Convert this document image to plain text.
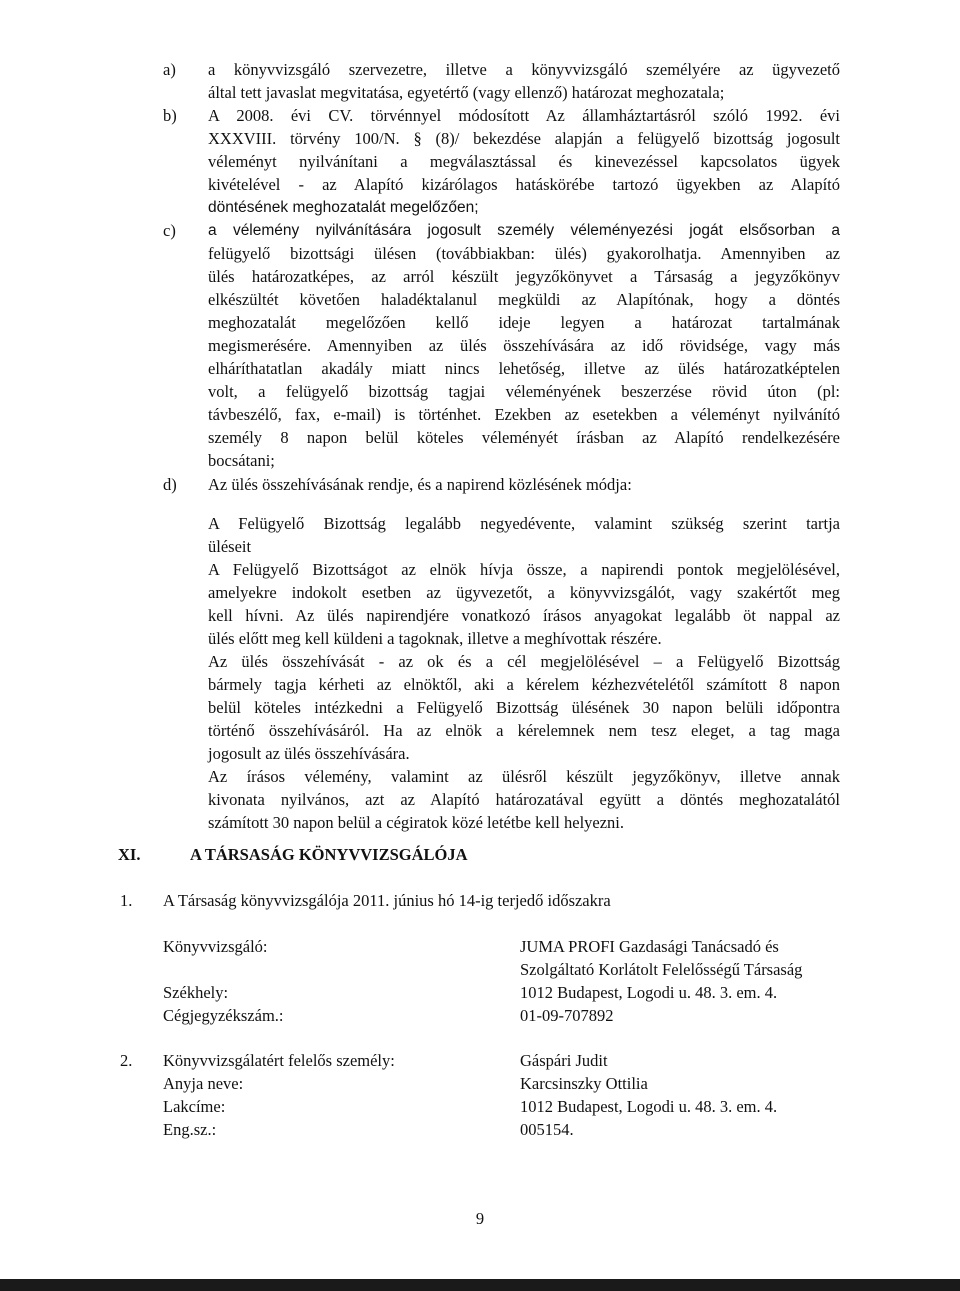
a) a könyvvizsgáló szervezetre, illetve a könyvvizsgáló személyére az ügyvezető
által tett javaslat megvitatása, egyetértő (vagy ellenző) határozat meghozatala;
b) A 2008. évi CV. törvénnyel módosított Az államháztartásról szóló 1992. évi
XXXVIII. törvény 100/N. § (8)/ bekezdése alapján a felügyelő bizottság jogosult
véleményt nyilvánítani a megválasztással és kinevezéssel kapcsolatos ügyek
kivételével - az Alapító kizárólagos hatáskörébe tartozó ügyekben az Alapító
döntésének meghozatalát megelőzően;
c) a vélemény nyilvánítására jogosult személy véleményezési jogát elsősorban a
felügyelő bizottsági ülésen (továbbiakban: ülés) gyakorolhatja. Amennyiben az
ülés határozatképes, az arról készült jegyzőkönyvet a Társaság a jegyzőkönyv
elkészültét követően haladéktalanul megküldi az Alapítónak, hogy a döntés
meghozatalát megelőzően kellő ideje legyen a határozat tartalmának
megismerésére. Amennyiben az ülés összehívására az idő rövidsége, vagy más
elháríthatatlan akadály miatt nincs lehetőség, illetve az ülés határozatképtelen
volt, a felügyelő bizottság tagjai véleményének beszerzése rövid úton (pl:
távbeszélő, fax, e-mail) is történhet. Ezekben az esetekben a véleményt nyilvánító
személy 8 napon belül köteles véleményét írásban az Alapító rendelkezésére
bocsátani;
d) Az ülés összehívásának rendje, és a napirend közlésének módja:
A Felügyelő Bizottság legalább negyedévente, valamint szükség szerint tartja
üléseit
A Felügyelő Bizottságot az elnök hívja össze, a napirendi pontok megjelölésével,
amelyekre indokolt esetben az ügyvezetőt, a könyvvizsgálót, vagy szakértőt meg
kell hívni. Az ülés napirendjére vonatkozó írásos anyagokat legalább öt nappal az
ülés előtt meg kell küldeni a tagoknak, illetve a meghívottak részére.
Az ülés összehívását - az ok és a cél megjelölésével – a Felügyelő Bizottság
bármely tagja kérheti az elnöktől, aki a kérelem kézhezvételétől számított 8 napon
belül köteles intézkedni a Felügyelő Bizottság ülésének 30 napon belüli időpontra
történő összehívásáról. Ha az elnök a kérelemnek nem tesz eleget, a tag maga
jogosult az ülés összehívására.
Az írásos vélemény, valamint az ülésről készült jegyzőkönyv, illetve annak
kivonata nyilvános, azt az Alapító határozatával együtt a döntés meghozatalától
számított 30 napon belül a cégiratok közé letétbe kell helyezni.
XI.	A TÁRSASÁG KÖNYVVIZSGÁLÓJA
1. A Társaság könyvvizsgálója 2011. június hó 14-ig terjedő időszakra
Könyvvizsgáló:	JUMA PROFI Gazdasági Tanácsadó és
Szolgáltató Korlátolt Felelősségű Társaság
Székhely:	1012 Budapest, Logodi u. 48. 3. em. 4.
Cégjegyzékszám.:	01-09-707892
2. Könyvvizsgálatért felelős személy:	Gáspári Judit
Anyja neve:	Karcsinszky Ottilia
Lakcíme:	1012 Budapest, Logodi u. 48. 3. em. 4.
Eng.sz.:	005154.
9
